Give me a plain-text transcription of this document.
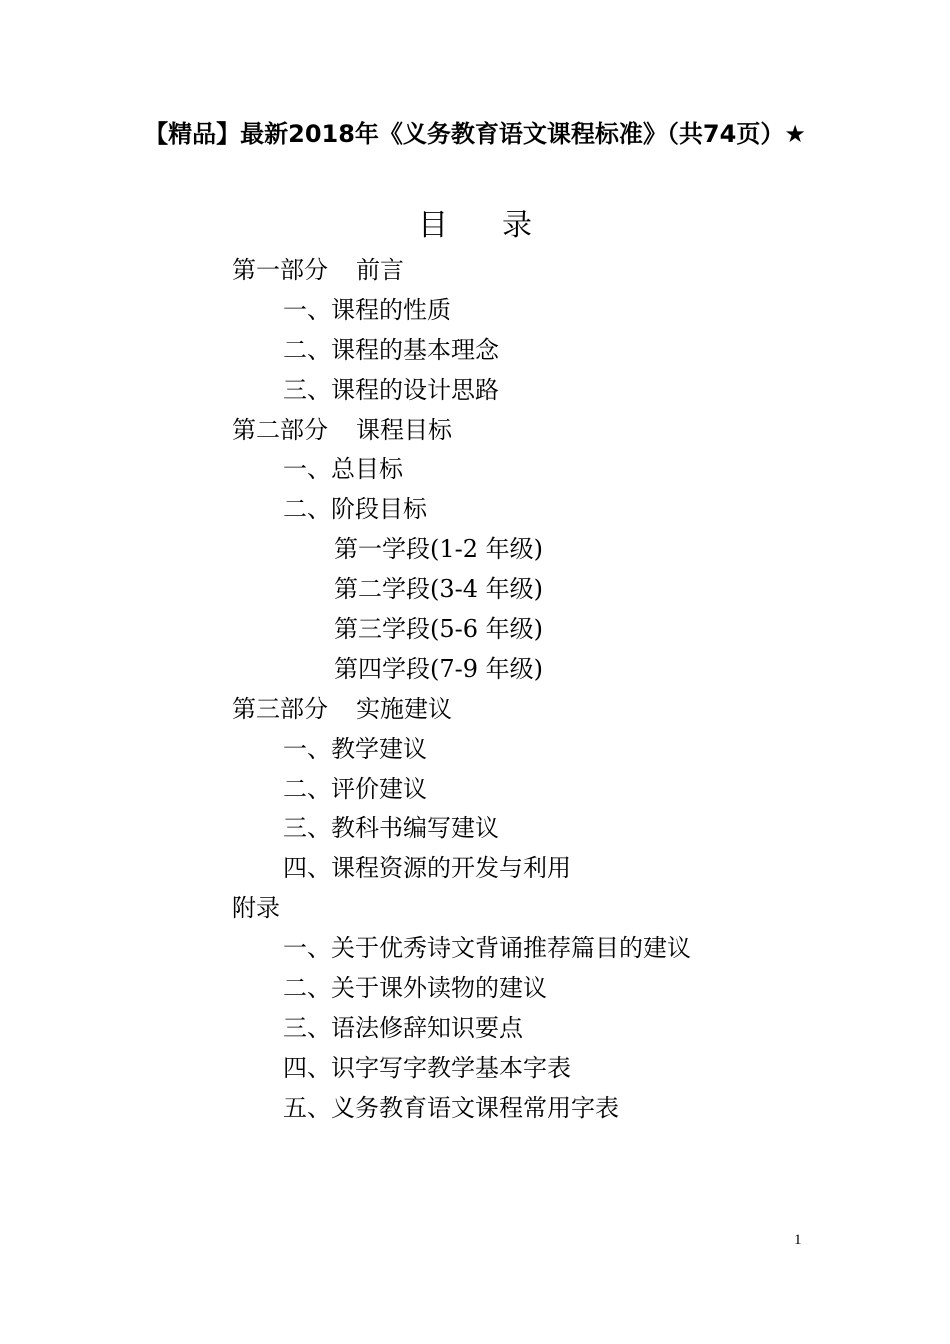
【精品】最新2018年《义务教育语文课程标准》（共74页）★
目录
第一部分 前言
一、课程的性质
二、课程的基本理念
三、课程的设计思路
第二部分 课程目标
一、总目标
二、阶段目标
第一学段(1-2 年级)
第二学段(3-4 年级)
第三学段(5-6 年级)
第四学段(7-9 年级)
第三部分 实施建议
一、教学建议
二、评价建议
三、教科书编写建议
四、课程资源的开发与利用
附录
一、关于优秀诗文背诵推荐篇目的建议
二、关于课外读物的建议
三、语法修辞知识要点
四、识字写字教学基本字表
五、义务教育语文课程常用字表
1
